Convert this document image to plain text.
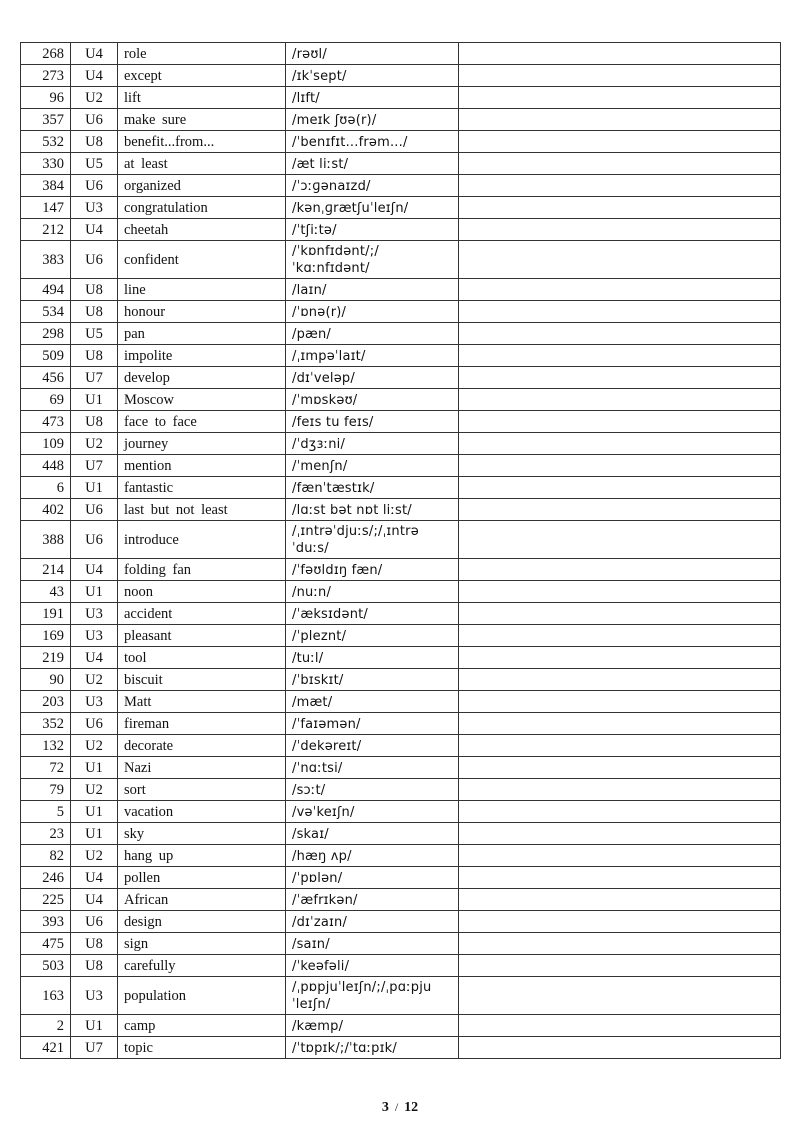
268	U4	role	/rəʊl/	
273	U4	except	/ɪkˈsept/	
96	U2	lift	/lɪft/	
357	U6	make sure	/meɪk ʃʊə(r)/	
532	U8	benefit...from...	/ˈbenɪfɪt...frəm.../	
330	U5	at least	/æt liːst/	
384	U6	organized	/ˈɔːɡənaɪzd/	
147	U3	congratulation	/kənˌɡrætʃuˈleɪʃn/	
212	U4	cheetah	/ˈtʃiːtə/	
383	U6	confident	/ˈkɒnfɪdənt/;/ˈkɑːnfɪdənt/	
494	U8	line	/laɪn/	
534	U8	honour	/ˈɒnə(r)/	
298	U5	pan	/pæn/	
509	U8	impolite	/ˌɪmpəˈlaɪt/	
456	U7	develop	/dɪˈveləp/	
69	U1	Moscow	/ˈmɒskəʊ/	
473	U8	face to face	/feɪs tu feɪs/	
109	U2	journey	/ˈdʒɜːni/	
448	U7	mention	/ˈmenʃn/	
6	U1	fantastic	/fænˈtæstɪk/	
402	U6	last but not least	/lɑːst bət nɒt liːst/	
388	U6	introduce	/ˌɪntrəˈdjuːs/;/ˌɪntrəˈduːs/	
214	U4	folding fan	/ˈfəʊldɪŋ fæn/	
43	U1	noon	/nuːn/	
191	U3	accident	/ˈæksɪdənt/	
169	U3	pleasant	/ˈpleznt/	
219	U4	tool	/tuːl/	
90	U2	biscuit	/ˈbɪskɪt/	
203	U3	Matt	/mæt/	
352	U6	fireman	/ˈfaɪəmən/	
132	U2	decorate	/ˈdekəreɪt/	
72	U1	Nazi	/ˈnɑːtsi/	
79	U2	sort	/sɔːt/	
5	U1	vacation	/vəˈkeɪʃn/	
23	U1	sky	/skaɪ/	
82	U2	hang up	/hæŋ ʌp/	
246	U4	pollen	/ˈpɒlən/	
225	U4	African	/ˈæfrɪkən/	
393	U6	design	/dɪˈzaɪn/	
475	U8	sign	/saɪn/	
503	U8	carefully	/ˈkeəfəli/	
163	U3	population	/ˌpɒpjuˈleɪʃn/;/ˌpɑːpjuˈleɪʃn/	
2	U1	camp	/kæmp/	
421	U7	topic	/ˈtɒpɪk/;/ˈtɑːpɪk/	
3 / 12
